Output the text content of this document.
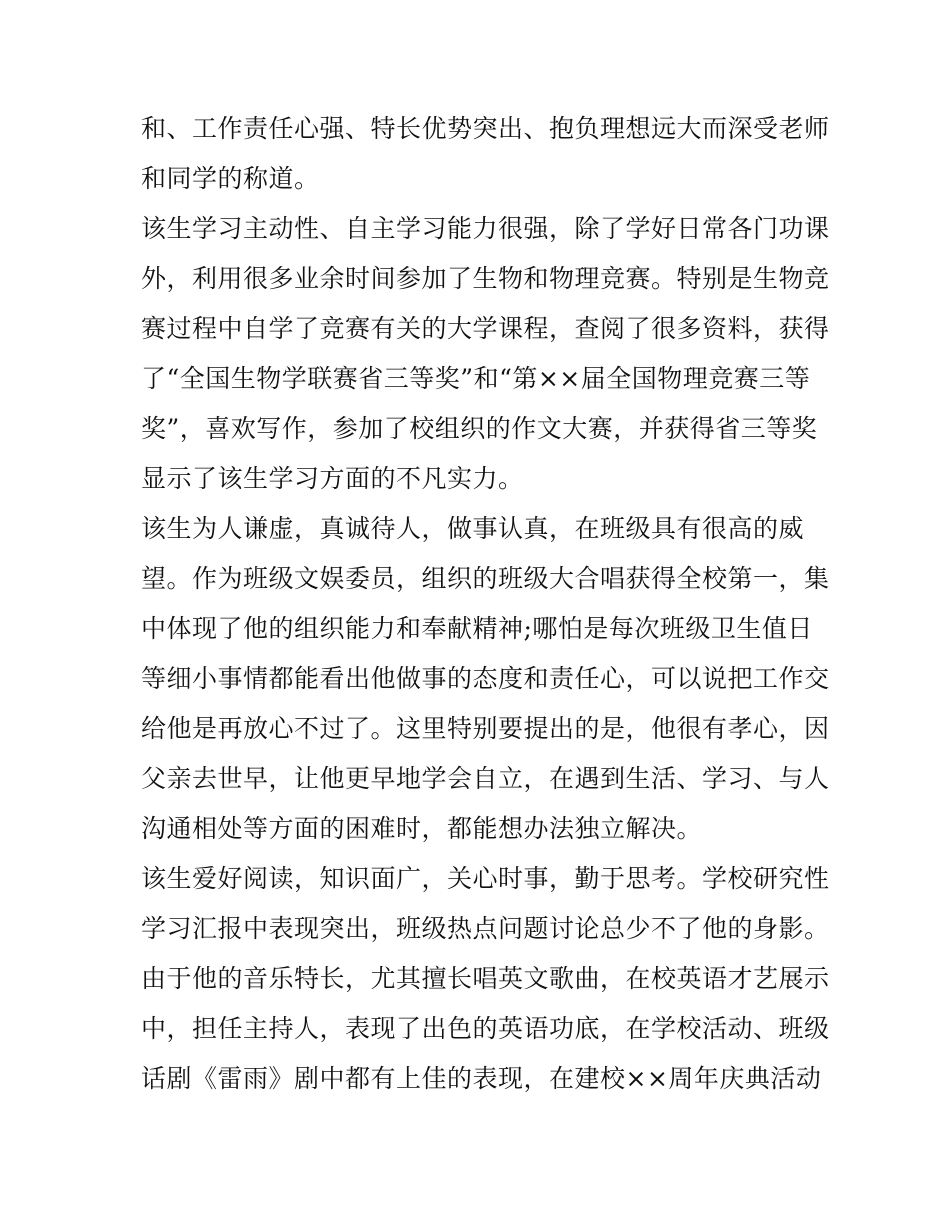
和、工作责任心强、特长优势突出、抱负理想远大而深受老师
和同学的称道。
该生学习主动性、自主学习能力很强，除了学好日常各门功课
外，利用很多业余时间参加了生物和物理竞赛。特别是生物竞
赛过程中自学了竞赛有关的大学课程，查阅了很多资料，获得
了“全国生物学联赛省三等奖”和“第××届全国物理竞赛三等
奖”，喜欢写作，参加了校组织的作文大赛，并获得省三等奖
显示了该生学习方面的不凡实力。
该生为人谦虚，真诚待人，做事认真，在班级具有很高的威
望。作为班级文娱委员，组织的班级大合唱获得全校第一，集
中体现了他的组织能力和奉献精神;哪怕是每次班级卫生值日
等细小事情都能看出他做事的态度和责任心，可以说把工作交
给他是再放心不过了。这里特别要提出的是，他很有孝心，因
父亲去世早，让他更早地学会自立，在遇到生活、学习、与人
沟通相处等方面的困难时，都能想办法独立解决。
该生爱好阅读，知识面广，关心时事，勤于思考。学校研究性
学习汇报中表现突出，班级热点问题讨论总少不了他的身影。
由于他的音乐特长，尤其擅长唱英文歌曲，在校英语才艺展示
中，担任主持人，表现了出色的英语功底，在学校活动、班级
话剧《雷雨》剧中都有上佳的表现，在建校××周年庆典活动
